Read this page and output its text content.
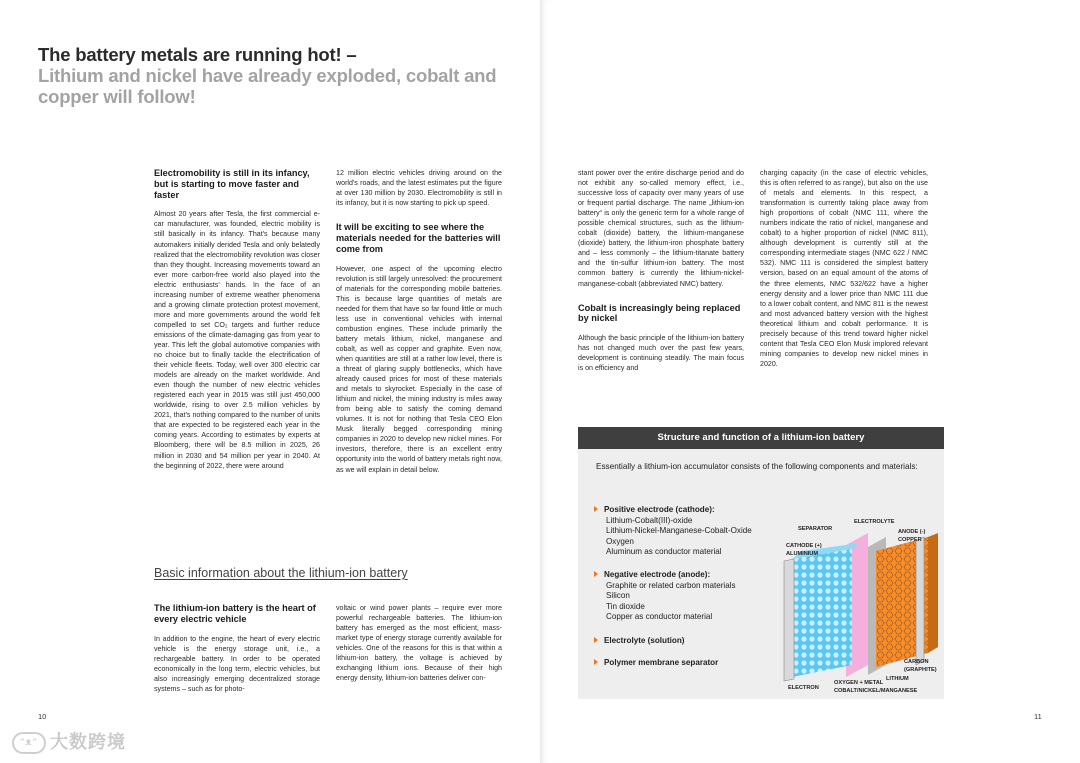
The battery metals are running hot! –
Lithium and nickel have already exploded, cobalt and copper will follow!
Electromobility is still in its infancy, but is starting to move faster and faster

Almost 20 years after Tesla, the first commercial e-car manufacturer, was founded, electric mobility is still basically in its infancy. That's because many automakers initially derided Tesla and only belatedly realized that the electromobility revolution was closer than they thought. Increasing movements toward an ever more carbon-free world also played into the electric enthusiasts' hands. In the face of an increasing number of extreme weather phenomena and a growing climate protection protest movement, more and more governments around the world felt compelled to set CO₂ targets and further reduce emissions of the climate-damaging gas from year to year. This left the global automotive companies with no choice but to finally tackle the electrification of their vehicle fleets. Today, well over 300 electric car models are already on the market worldwide. And even though the number of new electric vehicles registered each year in 2015 was still just 450,000 worldwide, rising to over 2.5 million vehicles by 2021, that's nothing compared to the number of units that are expected to be registered each year in the coming years. According to estimates by experts at Bloomberg, there will be 8.5 million in 2025, 26 million in 2030 and 54 million per year in 2040. At the beginning of 2022, there were around

12 million electric vehicles driving around on the world's roads, and the latest estimates put the figure at over 130 million by 2030. Electromobility is still in its infancy, but it is now starting to pick up speed.

It will be exciting to see where the materials needed for the batteries will come from

However, one aspect of the upcoming electro revolution is still largely unresolved: the procurement of materials for the corresponding mobile batteries. This is because large quantities of metals are needed for them that have so far found little or much less use in conventional vehicles with internal combustion engines. These include primarily the battery metals lithium, nickel, manganese and cobalt, as well as copper and graphite. Even now, when quantities are still at a rather low level, there is a threat of glaring supply bottlenecks, which have already caused prices for most of these materials and metals to skyrocket. Especially in the case of lithium and nickel, the mining industry is miles away from being able to satisfy the coming demand volumes. It is not for nothing that Tesla CEO Elon Musk literally begged corresponding mining companies in 2020 to develop new nickel mines. For investors, therefore, there is an excellent entry opportunity into the world of battery metals right now, as we will explain in detail below.

Basic information about the lithium-ion battery
The lithium-ion battery is the heart of every electric vehicle

In addition to the engine, the heart of every electric vehicle is the energy storage unit, i.e., a rechargeable battery. In order to be operated economically in the long term, electric vehicles, but also increasingly emerging decentralized storage systems – such as for photo-

voltaic or wind power plants – require ever more powerful rechargeable batteries. The lithium-ion battery has emerged as the most efficient, mass-market type of energy storage currently available for vehicles. One of the reasons for this is that within a lithium-ion battery, the voltage is achieved by exchanging lithium ions. Because of their high energy density, lithium-ion batteries deliver con-

10	11

stant power over the entire discharge period and do not exhibit any so-called memory effect, i.e., successive loss of capacity over many years of use or frequent partial discharge. The name „lithium-ion battery“ is only the generic term for a whole range of possible chemical structures, such as the lithium-cobalt (dioxide) battery, the lithium-manganese (dioxide) battery, the lithium-iron phosphate battery and – less commonly – the lithium-titanate battery and the tin-sulfur lithium-ion battery. The most common battery is currently the lithium-nickel-manganese-cobalt (abbreviated NMC) battery.

Cobalt is increasingly being replaced by nickel

Although the basic principle of the lithium-ion battery has not changed much over the past few years, development is continuing steadily. The main focus is on efficiency and

charging capacity (in the case of electric vehicles, this is often referred to as range), but also on the use of metals and elements. In this respect, a transformation is currently taking place away from high proportions of cobalt (NMC 111, where the numbers indicate the ratio of nickel, manganese and cobalt) to a higher proportion of nickel (NMC 811), although development is currently still at the corresponding intermediate stages (NMC 622 / NMC 532). NMC 111 is considered the simplest battery version, based on an equal amount of the atoms of the three elements, NMC 532/622 have a higher energy density and a lower price than NMC 111 due to a lower cobalt content, and NMC 811 is the newest and most advanced battery version with the highest theoretical lithium and cobalt performance. It is precisely because of this trend toward higher nickel content that Tesla CEO Elon Musk implored relevant mining companies to develop new nickel mines in 2020.

Structure and function of a lithium-ion battery
Essentially a lithium-ion accumulator consists of the following components and materials:
Positive electrode (cathode):
Lithium-Cobalt(III)-oxide
Lithium-Nickel-Manganese-Cobalt-Oxide
Oxygen
Aluminum as conductor material
Negative electrode (anode):
Graphite or related carbon materials
Silicon
Tin dioxide
Copper as conductor material
Electrolyte (solution)
Polymer membrane separator
SEPARATOR
ELECTROLYTE
ANODE (-)
COPPER
CATHODE (+)
ALUMINIUM
CARBON
(GRAPHITE)
LITHIUM
ELECTRON
OXYGEN + METAL
COBALT/NICKEL/MANGANESE
ᵔᴥᵔ 大数跨境
